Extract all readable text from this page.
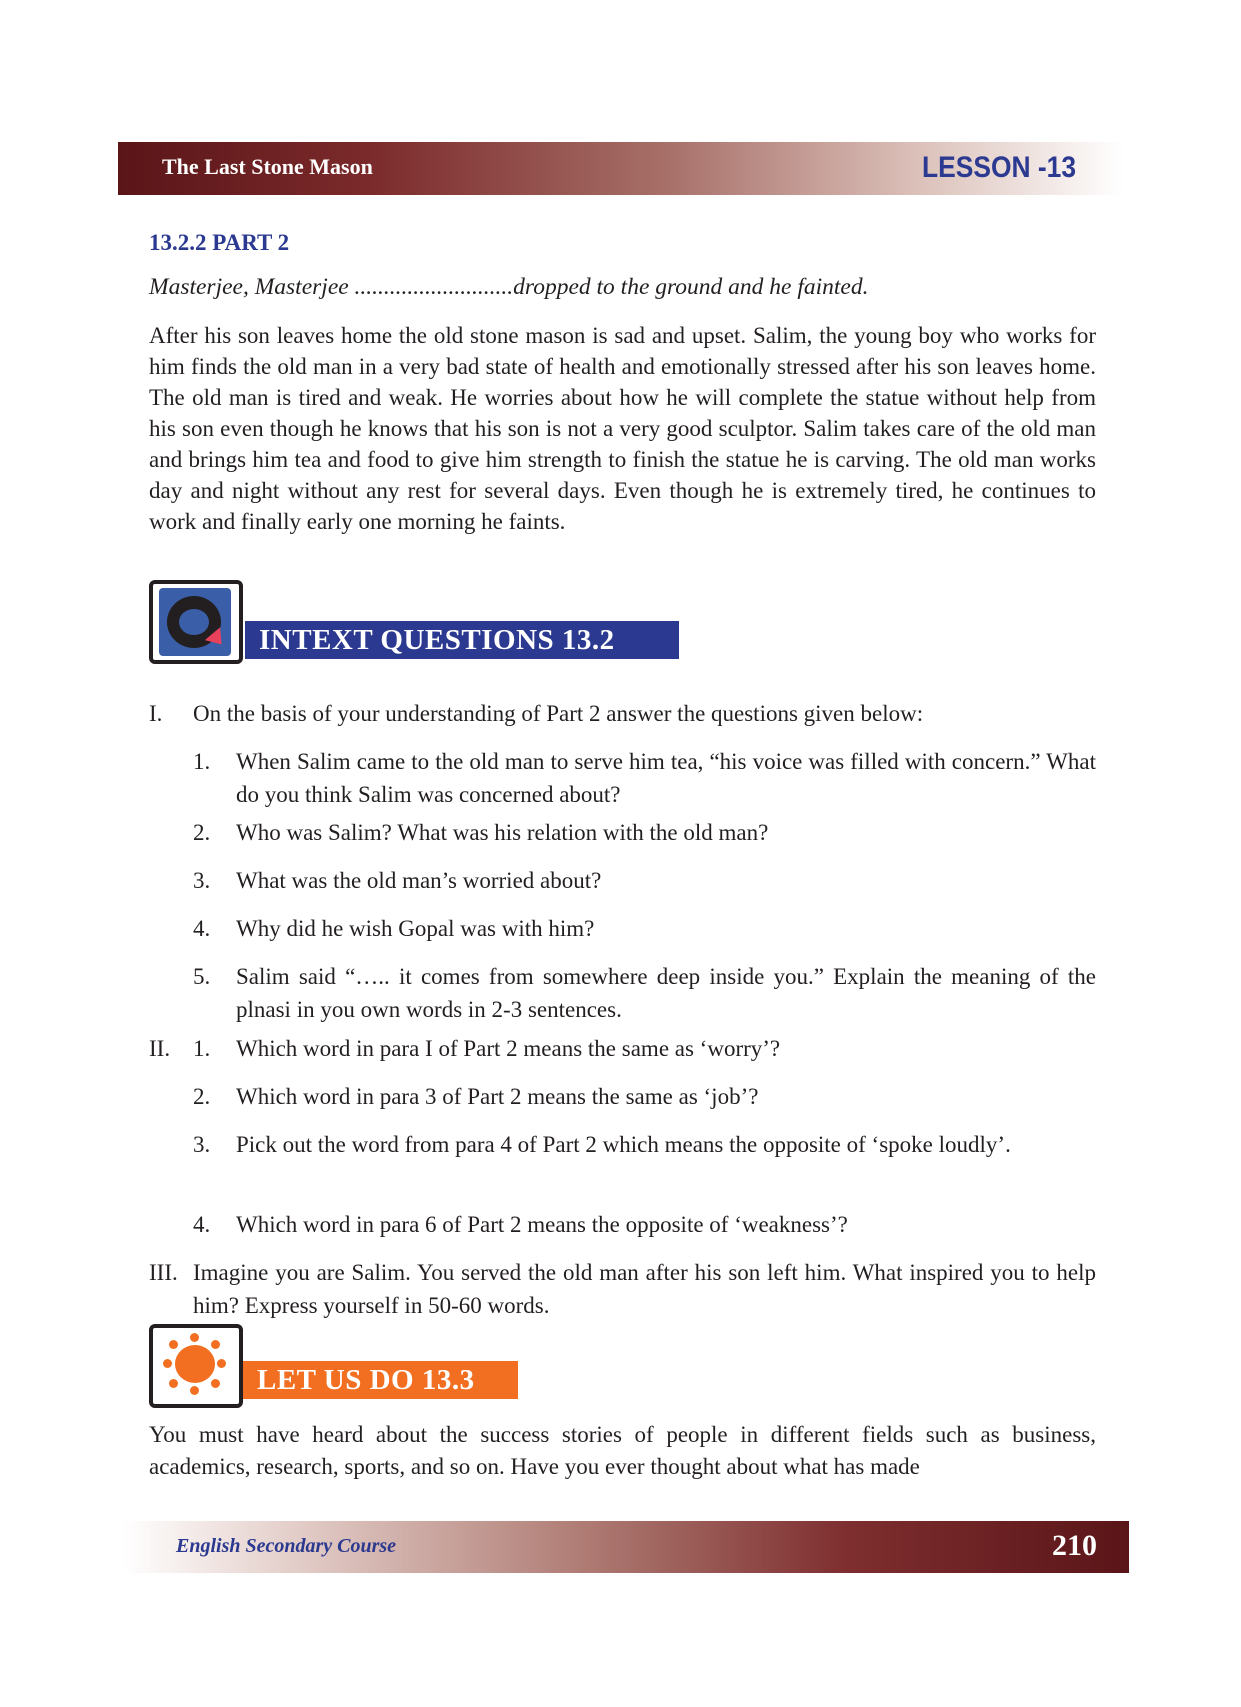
The Last Stone Mason	LESSON -13
13.2.2 PART 2
Masterjee, Masterjee ...........................dropped to the ground and he fainted.
After his son leaves home the old stone mason is sad and upset. Salim, the young boy who works for him finds the old man in a very bad state of health and emotionally stressed after his son leaves home. The old man is tired and weak. He worries about how he will complete the statue without help from his son even though he knows that his son is not a very good sculptor. Salim takes care of the old man and brings him tea and food to give him strength to finish the statue he is carving. The old man works day and night without any rest for several days. Even though he is extremely tired, he continues to work and finally early one morning he faints.
INTEXT QUESTIONS 13.2
I. On the basis of your understanding of Part 2 answer the questions given below:
1. When Salim came to the old man to serve him tea, “his voice was filled with concern.” What do you think Salim was concerned about?
2. Who was Salim? What was his relation with the old man?
3. What was the old man’s worried about?
4. Why did he wish Gopal was with him?
5. Salim said “….. it comes from somewhere deep inside you.” Explain the meaning of the plnasi in you own words in 2-3 sentences.
II. 1. Which word in para I of Part 2 means the same as ‘worry’?
2. Which word in para 3 of Part 2 means the same as ‘job’?
3. Pick out the word from para 4 of Part 2 which means the opposite of ‘spoke loudly’.
4. Which word in para 6 of Part 2 means the opposite of ‘weakness’?
III. Imagine you are Salim. You served the old man after his son left him. What inspired you to help him? Express yourself in 50-60 words.
LET US DO 13.3
You must have heard about the success stories of people in different fields such as business, academics, research, sports, and so on. Have you ever thought about what has made
English Secondary Course	210
